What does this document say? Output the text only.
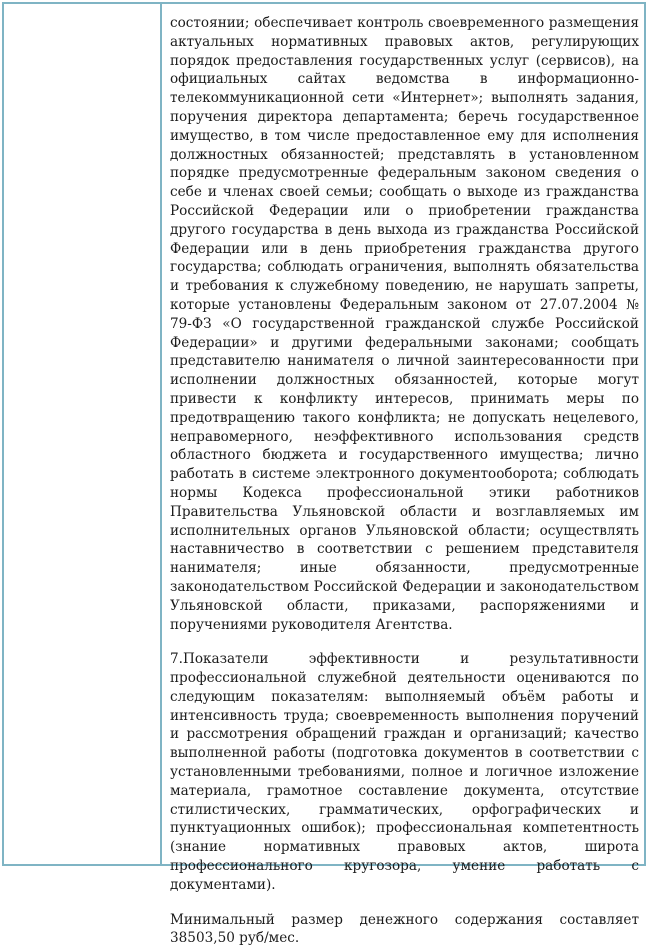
состоянии; обеспечивает контроль своевременного размещения актуальных нормативных правовых актов, регулирующих порядок предоставления государственных услуг (сервисов), на официальных сайтах ведомства в информационно-телекоммуникационной сети «Интернет»; выполнять задания, поручения директора департамента; беречь государственное имущество, в том числе предоставленное ему для исполнения должностных обязанностей; представлять в установленном порядке предусмотренные федеральным законом сведения о себе и членах своей семьи; сообщать о выходе из гражданства Российской Федерации или о приобретении гражданства другого государства в день выхода из гражданства Российской Федерации или в день приобретения гражданства другого государства; соблюдать ограничения, выполнять обязательства и требования к служебному поведению, не нарушать запреты, которые установлены Федеральным законом от 27.07.2004 № 79-ФЗ «О государственной гражданской службе Российской Федерации» и другими федеральными законами; сообщать представителю нанимателя о личной заинтересованности при исполнении должностных обязанностей, которые могут привести к конфликту интересов, принимать меры по предотвращению такого конфликта; не допускать нецелевого, неправомерного, неэффективного использования средств областного бюджета и государственного имущества; лично работать в системе электронного документооборота; соблюдать нормы Кодекса профессиональной этики работников Правительства Ульяновской области и возглавляемых им исполнительных органов Ульяновской области; осуществлять наставничество в соответствии с решением представителя нанимателя; иные обязанности, предусмотренные законодательством Российской Федерации и законодательством Ульяновской области, приказами, распоряжениями и поручениями руководителя Агентства.

7.Показатели эффективности и результативности профессиональной служебной деятельности оцениваются по следующим показателям: выполняемый объём работы и интенсивность труда; своевременность выполнения поручений и рассмотрения обращений граждан и организаций; качество выполненной работы (подготовка документов в соответствии с установленными требованиями, полное и логичное изложение материала, грамотное составление документа, отсутствие стилистических, грамматических, орфографических и пунктуационных ошибок); профессиональная компетентность (знание нормативных правовых актов, широта профессионального кругозора, умение работать с документами).

Минимальный размер денежного содержания составляет 38503,50 руб/мес.
